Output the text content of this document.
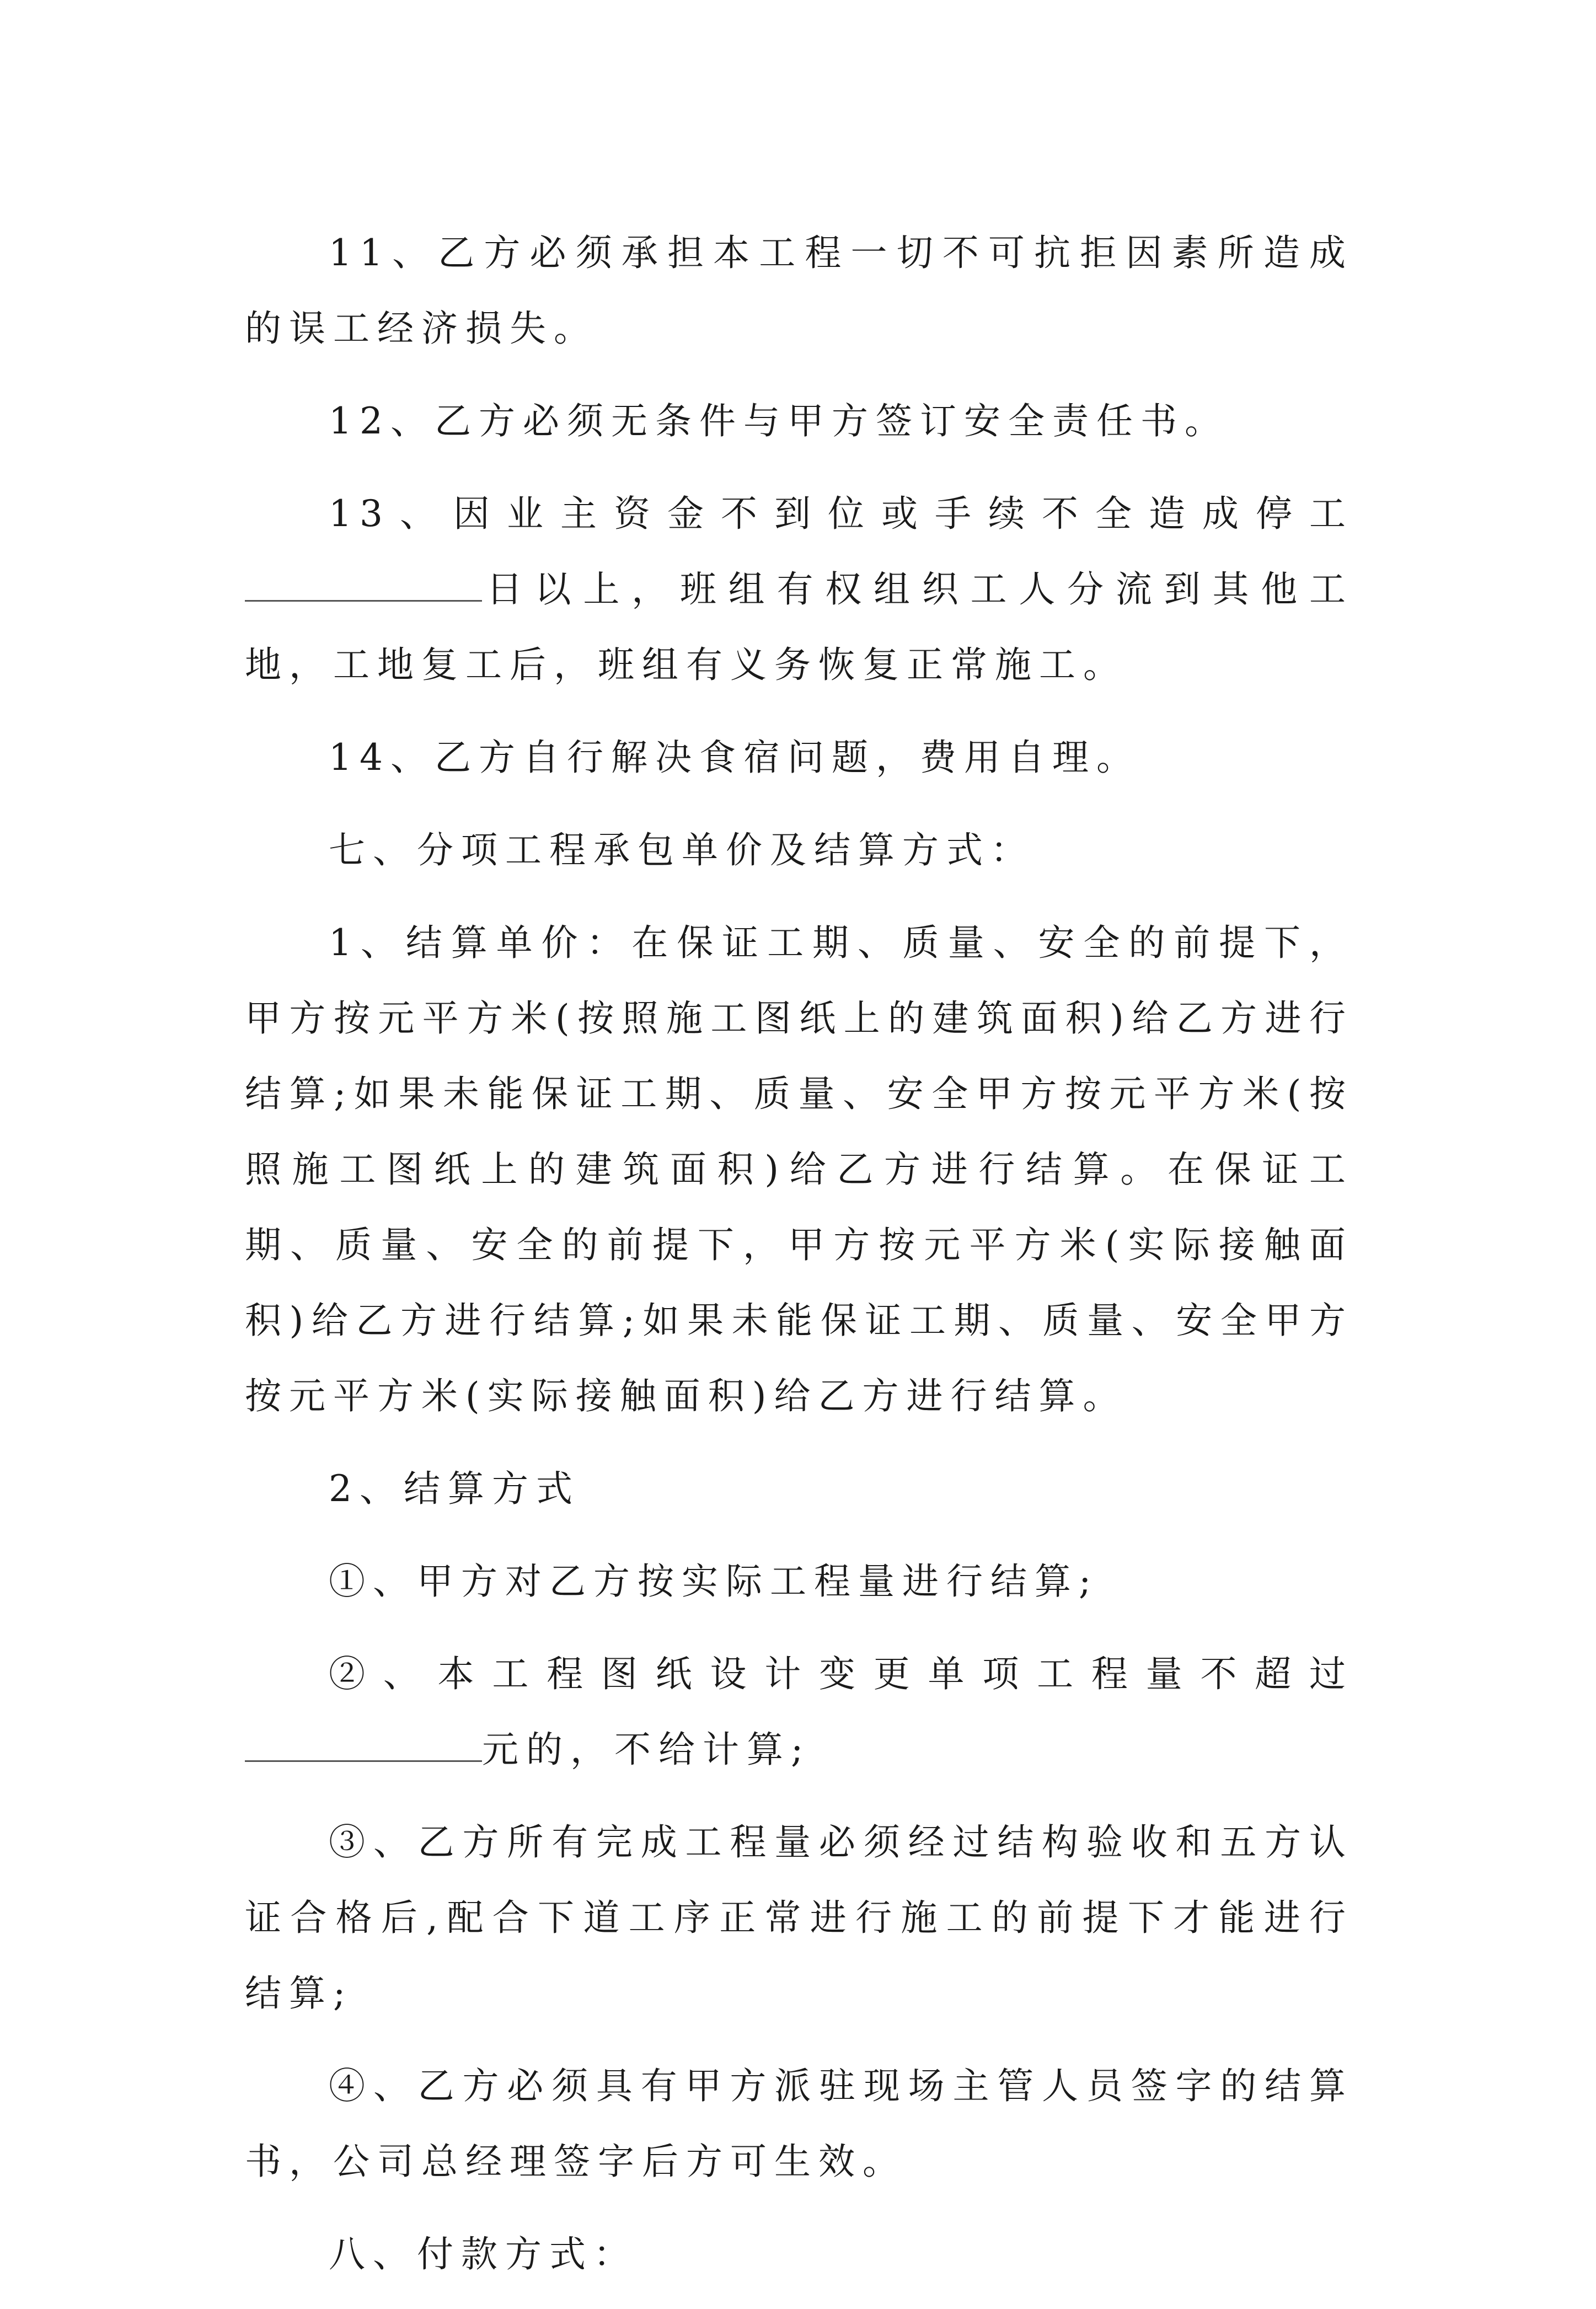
11、乙方必须承担本工程一切不可抗拒因素所造成的误工经济损失。

12、乙方必须无条件与甲方签订安全责任书。

13、因业主资金不到位或手续不全造成停工日以上，班组有权组织工人分流到其他工地，工地复工后，班组有义务恢复正常施工。

14、乙方自行解决食宿问题，费用自理。

七、分项工程承包单价及结算方式：

1、结算单价：在保证工期、质量、安全的前提下，甲方按元平方米(按照施工图纸上的建筑面积)给乙方进行结算;如果未能保证工期、质量、安全甲方按元平方米(按照施工图纸上的建筑面积)给乙方进行结算。在保证工期、质量、安全的前提下，甲方按元平方米(实际接触面积)给乙方进行结算;如果未能保证工期、质量、安全甲方按元平方米(实际接触面积)给乙方进行结算。

2、结算方式

①、甲方对乙方按实际工程量进行结算;

②、本工程图纸设计变更单项工程量不超过元的，不给计算;

③、乙方所有完成工程量必须经过结构验收和五方认证合格后,配合下道工序正常进行施工的前提下才能进行结算;

④、乙方必须具有甲方派驻现场主管人员签字的结算书，公司总经理签字后方可生效。

八、付款方式：
